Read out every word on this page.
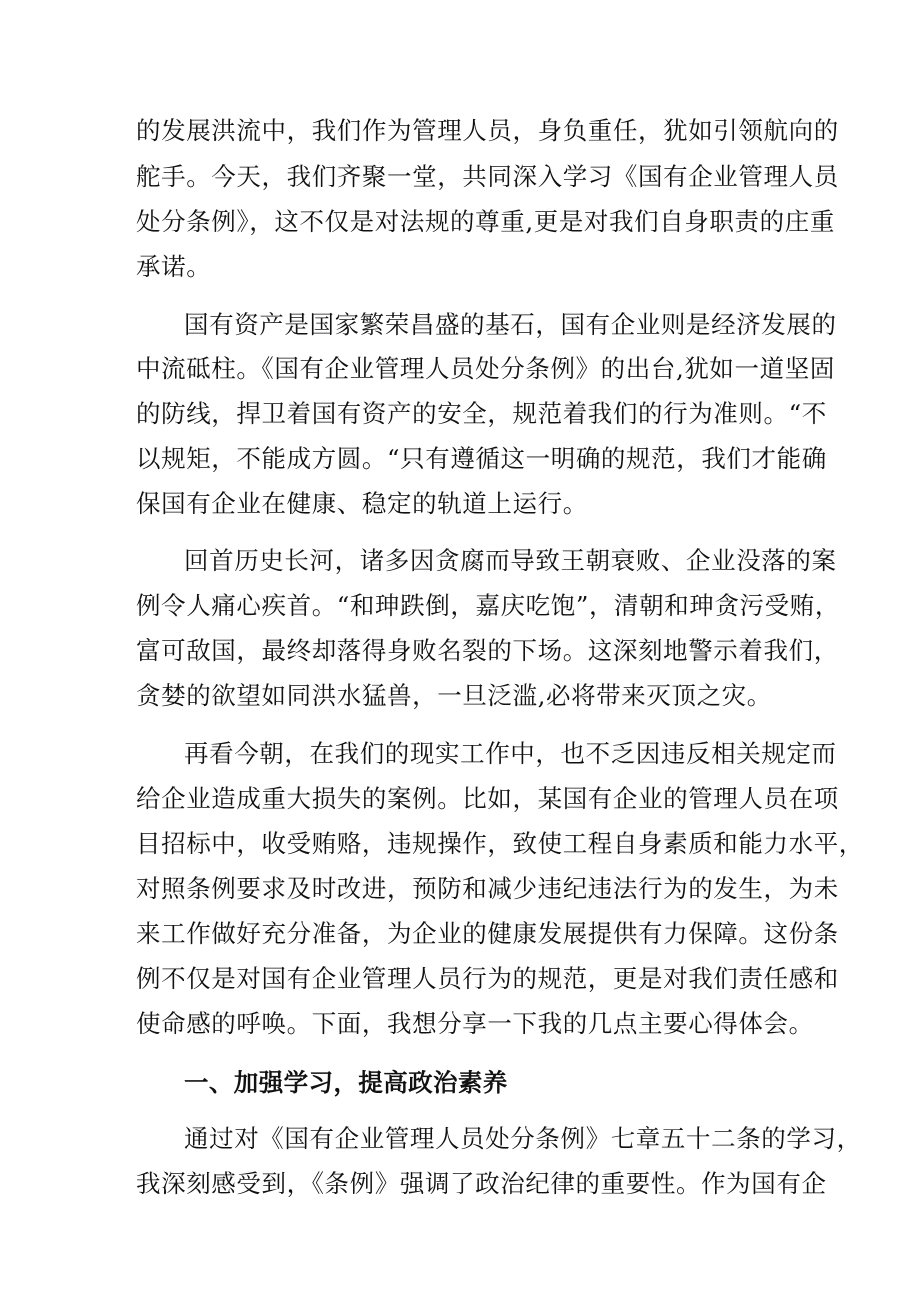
的发展洪流中，我们作为管理人员，身负重任，犹如引领航向的
舵手。今天，我们齐聚一堂，共同深入学习《国有企业管理人员
处分条例》，这不仅是对法规的尊重,更是对我们自身职责的庄重
承诺。
国有资产是国家繁荣昌盛的基石，国有企业则是经济发展的
中流砥柱。《国有企业管理人员处分条例》的出台,犹如一道坚固
的防线，捍卫着国有资产的安全，规范着我们的行为准则。“不
以规矩，不能成方圆。“只有遵循这一明确的规范，我们才能确
保国有企业在健康、稳定的轨道上运行。
回首历史长河，诸多因贪腐而导致王朝衰败、企业没落的案
例令人痛心疾首。“和珅跌倒，嘉庆吃饱”，清朝和珅贪污受贿，
富可敌国，最终却落得身败名裂的下场。这深刻地警示着我们，
贪婪的欲望如同洪水猛兽，一旦泛滥,必将带来灭顶之灾。
再看今朝，在我们的现实工作中，也不乏因违反相关规定而
给企业造成重大损失的案例。比如，某国有企业的管理人员在项
目招标中，收受贿赂，违规操作，致使工程自身素质和能力水平，
对照条例要求及时改进，预防和减少违纪违法行为的发生，为未
来工作做好充分准备，为企业的健康发展提供有力保障。这份条
例不仅是对国有企业管理人员行为的规范，更是对我们责任感和
使命感的呼唤。下面，我想分享一下我的几点主要心得体会。
一、加强学习，提高政治素养
通过对《国有企业管理人员处分条例》七章五十二条的学习，
我深刻感受到，《条例》强调了政治纪律的重要性。作为国有企
